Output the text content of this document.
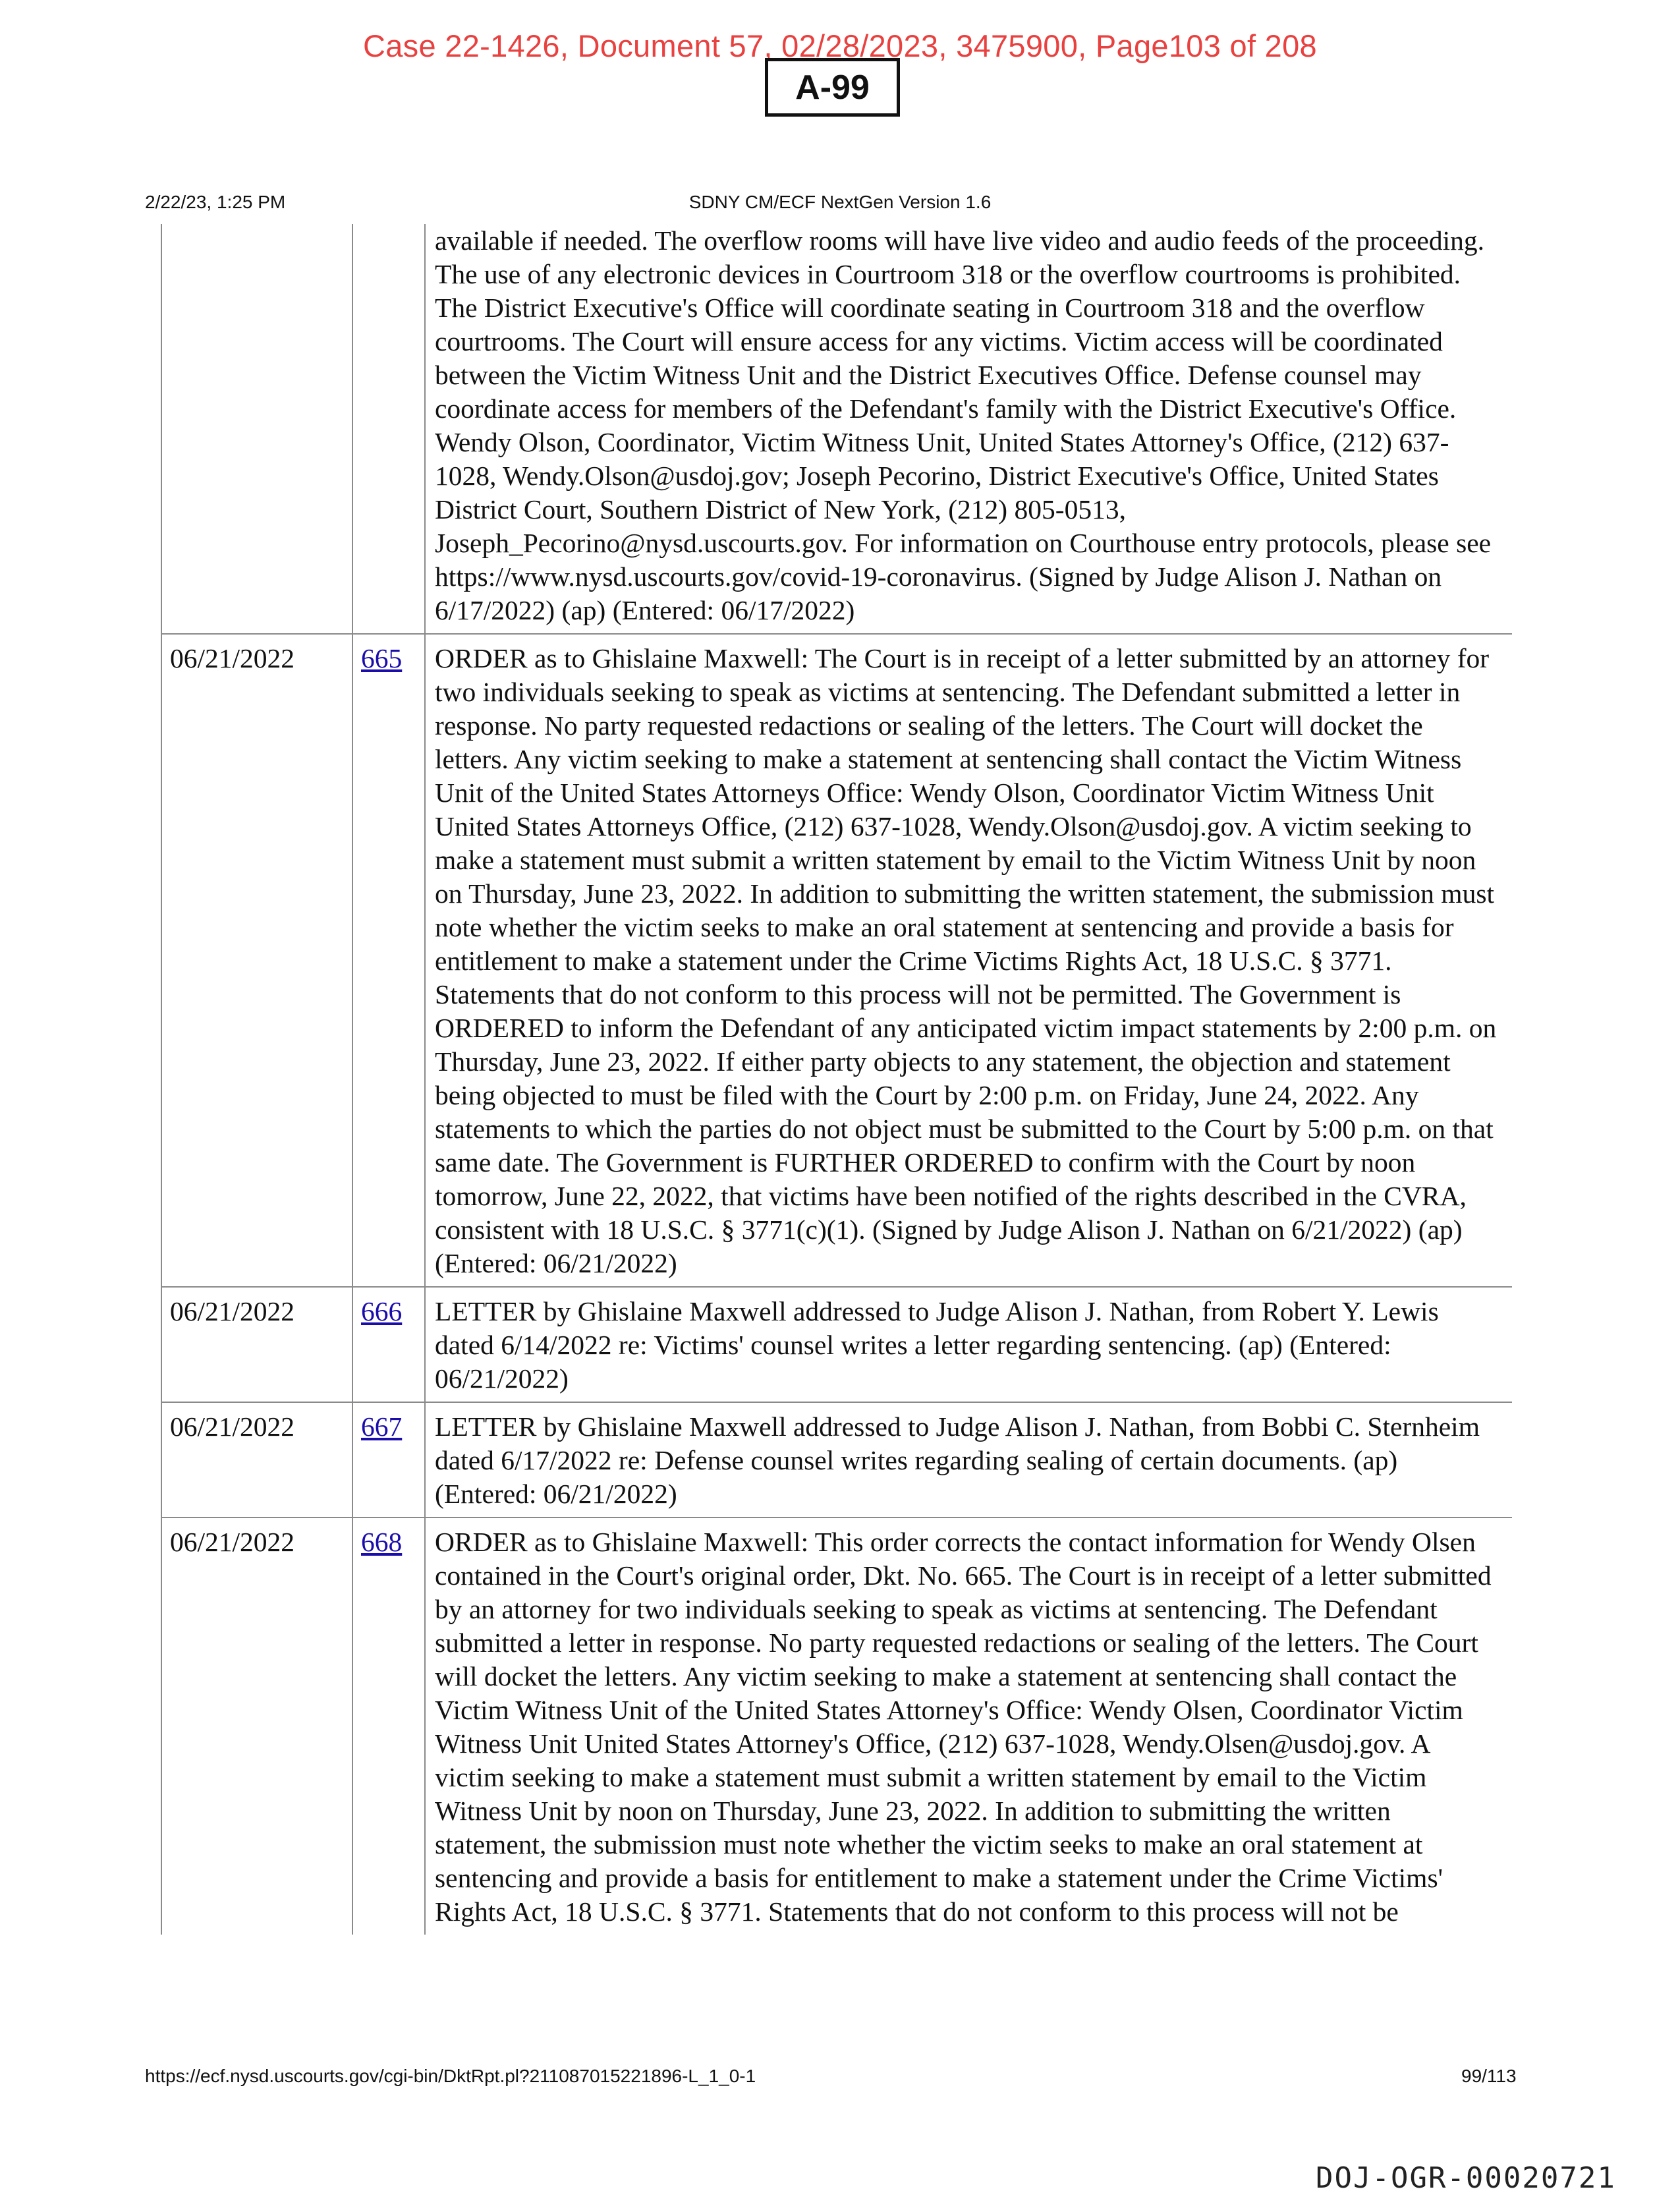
Case 22-1426, Document 57, 02/28/2023, 3475900, Page103 of 208
A-99
2/22/23, 1:25 PM	SDNY CM/ECF NextGen Version 1.6
		available if needed. The overflow rooms will have live video and audio feeds of the proceeding. The use of any electronic devices in Courtroom 318 or the overflow courtrooms is prohibited. The District Executive's Office will coordinate seating in Courtroom 318 and the overflow courtrooms. The Court will ensure access for any victims. Victim access will be coordinated between the Victim Witness Unit and the District Executives Office. Defense counsel may coordinate access for members of the Defendant's family with the District Executive's Office. Wendy Olson, Coordinator, Victim Witness Unit, United States Attorney's Office, (212) 637-1028, Wendy.Olson@usdoj.gov; Joseph Pecorino, District Executive's Office, United States District Court, Southern District of New York, (212) 805-0513, Joseph_Pecorino@nysd.uscourts.gov. For information on Courthouse entry protocols, please see https://www.nysd.uscourts.gov/covid-19-coronavirus. (Signed by Judge Alison J. Nathan on 6/17/2022) (ap) (Entered: 06/17/2022)
06/21/2022	665	ORDER as to Ghislaine Maxwell: The Court is in receipt of a letter submitted by an attorney for two individuals seeking to speak as victims at sentencing. The Defendant submitted a letter in response. No party requested redactions or sealing of the letters. The Court will docket the letters. Any victim seeking to make a statement at sentencing shall contact the Victim Witness Unit of the United States Attorneys Office: Wendy Olson, Coordinator Victim Witness Unit United States Attorneys Office, (212) 637-1028, Wendy.Olson@usdoj.gov. A victim seeking to make a statement must submit a written statement by email to the Victim Witness Unit by noon on Thursday, June 23, 2022. In addition to submitting the written statement, the submission must note whether the victim seeks to make an oral statement at sentencing and provide a basis for entitlement to make a statement under the Crime Victims Rights Act, 18 U.S.C. § 3771. Statements that do not conform to this process will not be permitted. The Government is ORDERED to inform the Defendant of any anticipated victim impact statements by 2:00 p.m. on Thursday, June 23, 2022. If either party objects to any statement, the objection and statement being objected to must be filed with the Court by 2:00 p.m. on Friday, June 24, 2022. Any statements to which the parties do not object must be submitted to the Court by 5:00 p.m. on that same date. The Government is FURTHER ORDERED to confirm with the Court by noon tomorrow, June 22, 2022, that victims have been notified of the rights described in the CVRA, consistent with 18 U.S.C. § 3771(c)(1). (Signed by Judge Alison J. Nathan on 6/21/2022) (ap) (Entered: 06/21/2022)
06/21/2022	666	LETTER by Ghislaine Maxwell addressed to Judge Alison J. Nathan, from Robert Y. Lewis dated 6/14/2022 re: Victims' counsel writes a letter regarding sentencing. (ap) (Entered: 06/21/2022)
06/21/2022	667	LETTER by Ghislaine Maxwell addressed to Judge Alison J. Nathan, from Bobbi C. Sternheim dated 6/17/2022 re: Defense counsel writes regarding sealing of certain documents. (ap) (Entered: 06/21/2022)
06/21/2022	668	ORDER as to Ghislaine Maxwell: This order corrects the contact information for Wendy Olsen contained in the Court's original order, Dkt. No. 665. The Court is in receipt of a letter submitted by an attorney for two individuals seeking to speak as victims at sentencing. The Defendant submitted a letter in response. No party requested redactions or sealing of the letters. The Court will docket the letters. Any victim seeking to make a statement at sentencing shall contact the Victim Witness Unit of the United States Attorney's Office: Wendy Olsen, Coordinator Victim Witness Unit United States Attorney's Office, (212) 637-1028, Wendy.Olsen@usdoj.gov. A victim seeking to make a statement must submit a written statement by email to the Victim Witness Unit by noon on Thursday, June 23, 2022. In addition to submitting the written statement, the submission must note whether the victim seeks to make an oral statement at sentencing and provide a basis for entitlement to make a statement under the Crime Victims' Rights Act, 18 U.S.C. § 3771. Statements that do not conform to this process will not be
https://ecf.nysd.uscourts.gov/cgi-bin/DktRpt.pl?211087015221896-L_1_0-1	99/113
DOJ-OGR-00020721
